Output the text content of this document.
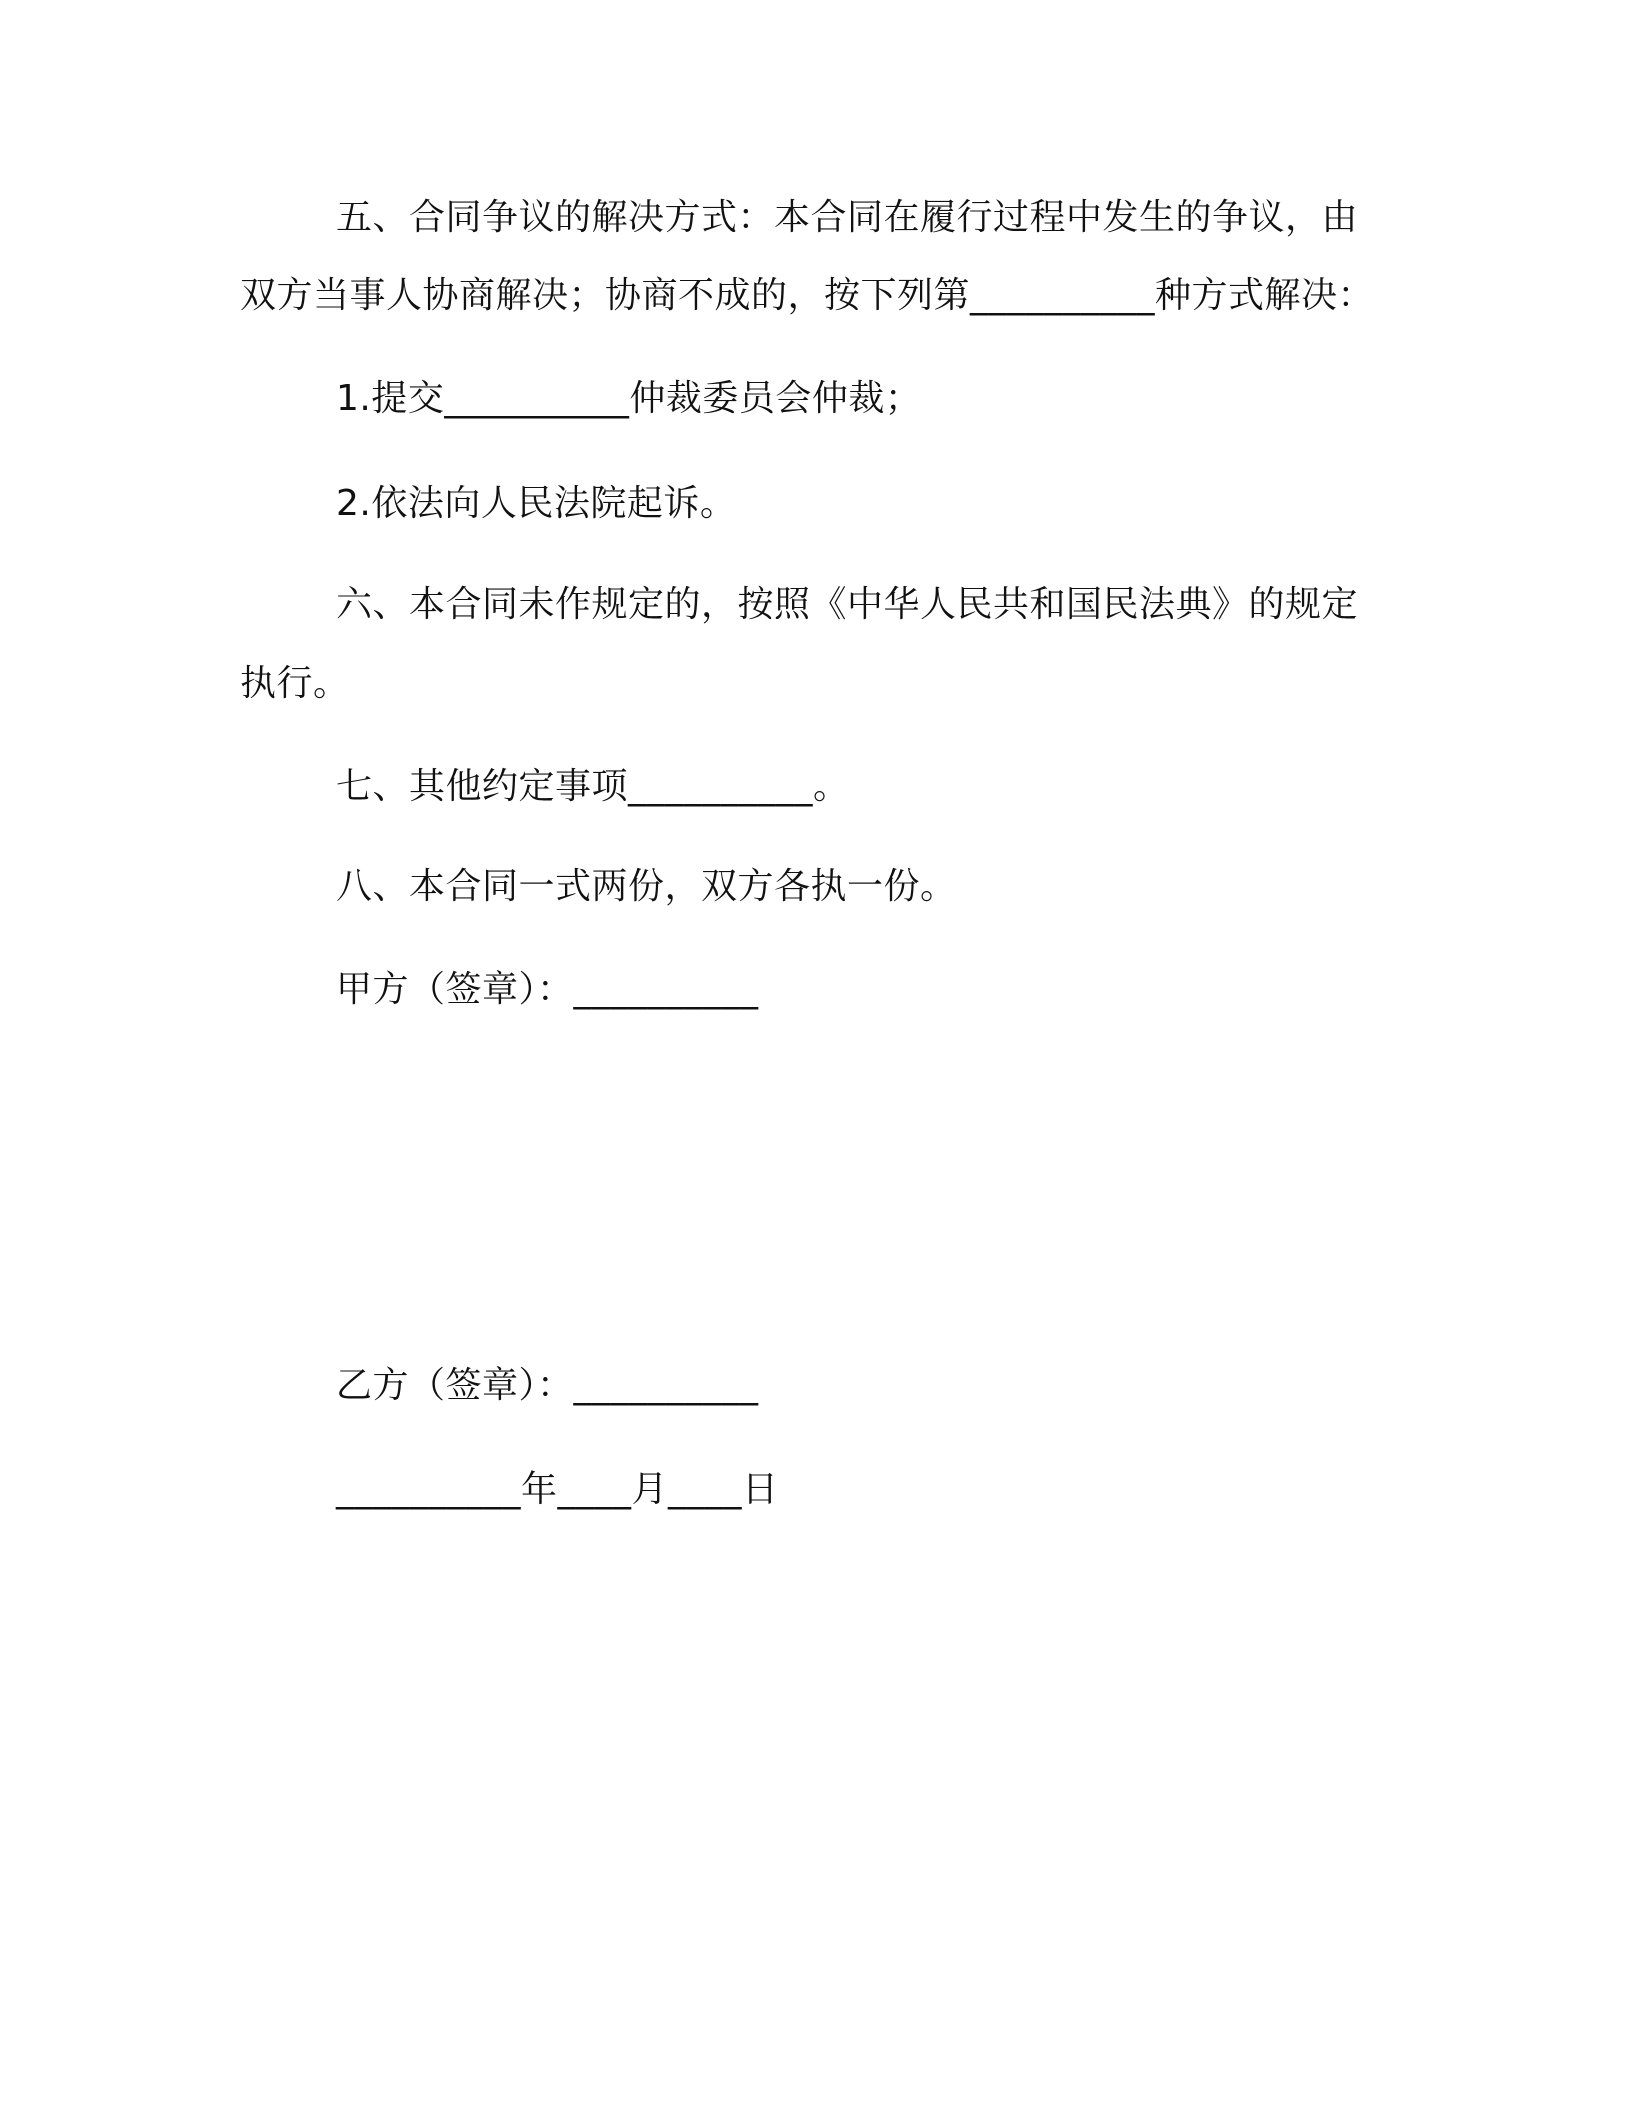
五、合同争议的解决方式：本合同在履行过程中发生的争议，由
双方当事人协商解决；协商不成的，按下列第__________种方式解决：
1.提交__________仲裁委员会仲裁；
2.依法向人民法院起诉。
六、本合同未作规定的，按照《中华人民共和国民法典》的规定
执行。
七、其他约定事项__________。
八、本合同一式两份，双方各执一份。
甲方（签章）：__________
乙方（签章）：__________
__________年____月____日
